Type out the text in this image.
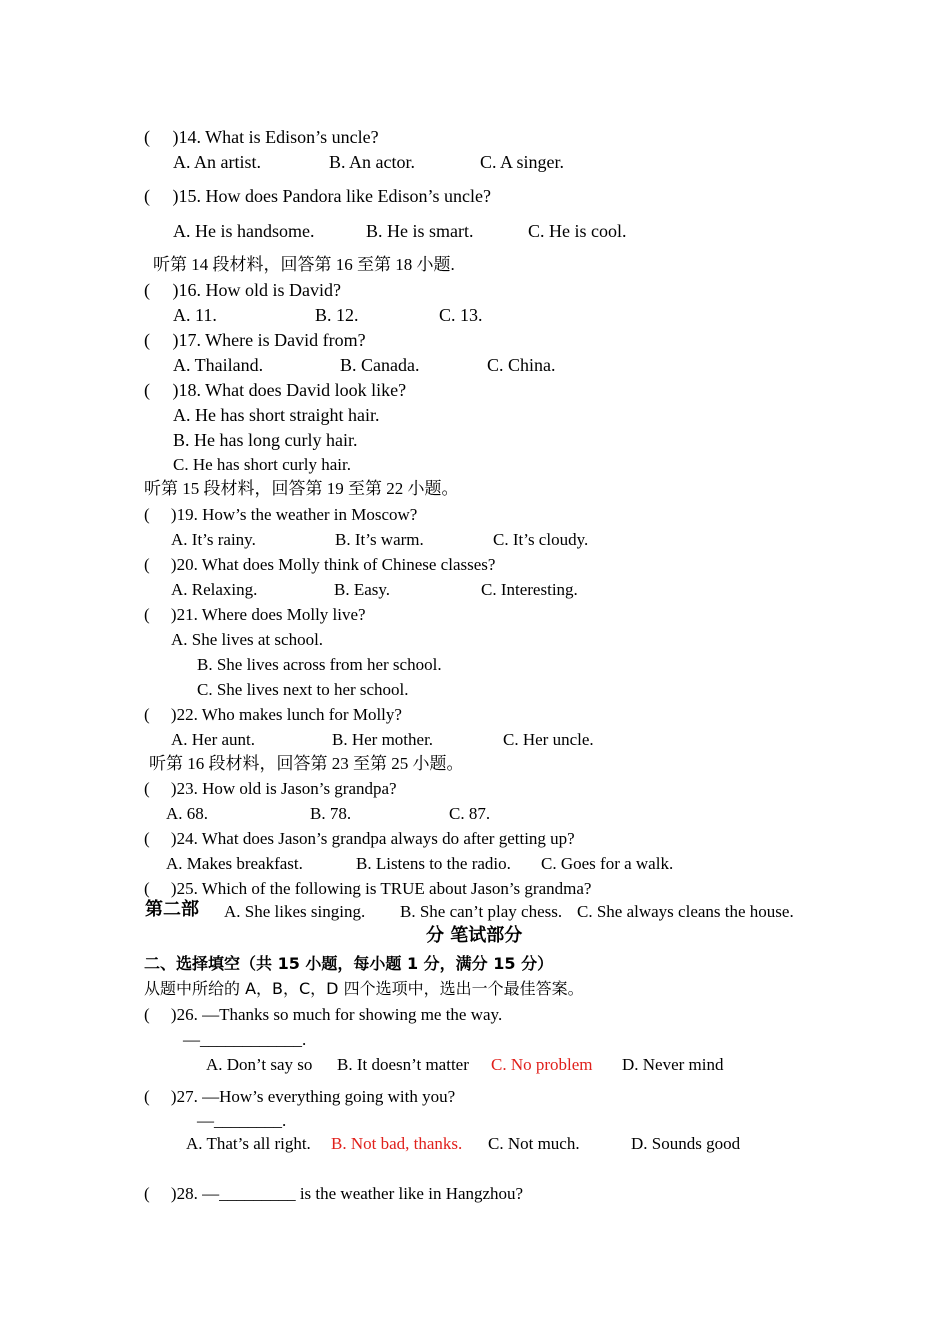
(     )14. What is Edison’s uncle?
A. An artist.	B. An actor.	C. A singer.
(     )15. How does Pandora like Edison’s uncle?
A. He is handsome.	B. He is smart.	C. He is cool.
听第 14 段材料，回答第 16 至第 18 小题.
(     )16. How old is David?
A. 11.	B. 12.	C. 13.
(     )17. Where is David from?
A. Thailand.	B. Canada.	C. China.
(     )18. What does David look like?
A. He has short straight hair.
B. He has long curly hair.
C. He has short curly hair.
听第 15 段材料，回答第 19 至第 22 小题。
(     )19. How’s the weather in Moscow?
A. It’s rainy.	B. It’s warm.	C. It’s cloudy.
(     )20. What does Molly think of Chinese classes?
A. Relaxing.	B. Easy.	C. Interesting.
(     )21. Where does Molly live?
A. She lives at school.
B. She lives across from her school.
C. She lives next to her school.
(     )22. Who makes lunch for Molly?
A. Her aunt.	B. Her mother.	C. Her uncle.
听第 16 段材料，回答第 23 至第 25 小题。
(     )23. How old is Jason’s grandpa?
A. 68.	B. 78.	C. 87.
(     )24. What does Jason’s grandpa always do after getting up?
A. Makes breakfast.	B. Listens to the radio. C. Goes for a walk.
(     )25. Which of the following is TRUE about Jason’s grandma?
第二部 A. She likes singing. B. She can’t play chess. C. She always cleans the house.
分 笔试部分
二、选择填空（共 15 小题，每小题 1 分，满分 15 分）
从题中所给的 A，B，C，D 四个选项中，选出一个最佳答案。
(     )26. —Thanks so much for showing me the way.
—____________.
A. Don’t say so B. It doesn’t matter C. No problem D. Never mind
(     )27. —How’s everything going with you?
—________.
A. That’s all right. B. Not bad, thanks. C. Not much.	D. Sounds good
(     )28. —_________ is the weather like in Hangzhou?
